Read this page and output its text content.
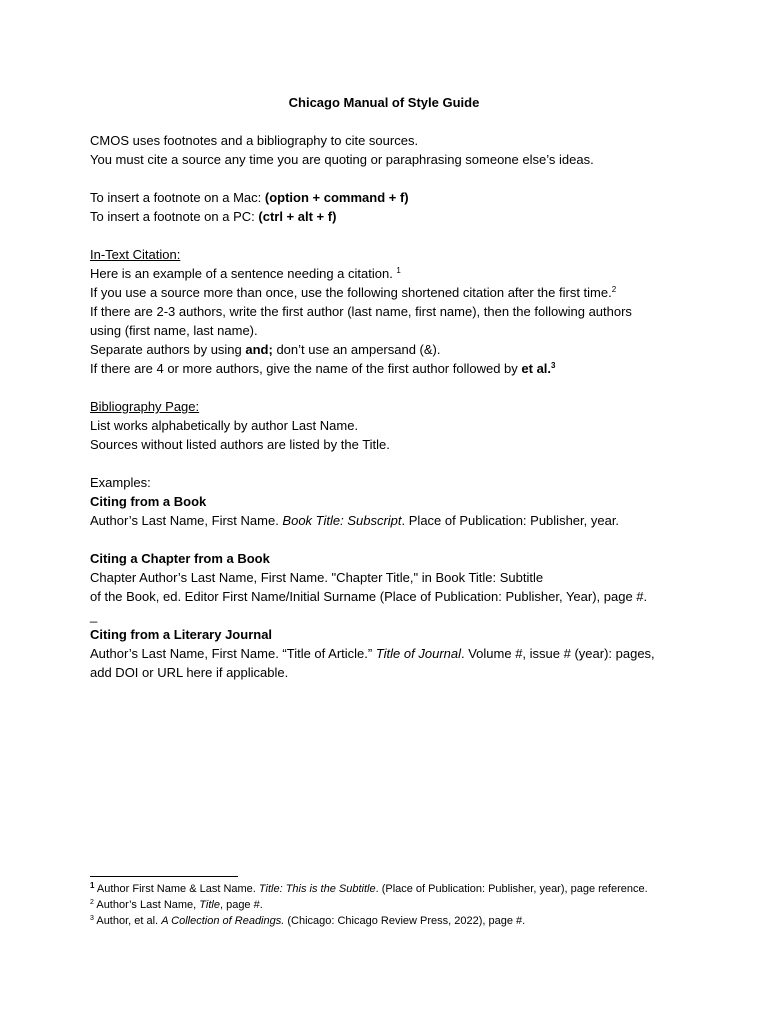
Chicago Manual of Style Guide
CMOS uses footnotes and a bibliography to cite sources.
You must cite a source any time you are quoting or paraphrasing someone else’s ideas.
To insert a footnote on a Mac: (option + command + f)
To insert a footnote on a PC: (ctrl + alt + f)
In-Text Citation:
Here is an example of a sentence needing a citation. $^1$
If you use a source more than once, use the following shortened citation after the first time.$^2$
If there are 2-3 authors, write the first author (last name, first name), then the following authors using (first name, last name).
Separate authors by using and; don’t use an ampersand (&).
If there are 4 or more authors, give the name of the first author followed by et al.$^3$
Bibliography Page:
List works alphabetically by author Last Name.
Sources without listed authors are listed by the Title.
Examples:
Citing from a Book
Author’s Last Name, First Name. Book Title: Subscript. Place of Publication: Publisher, year.
Citing a Chapter from a Book
Chapter Author’s Last Name, First Name. "Chapter Title," in Book Title: Subtitle
of the Book, ed. Editor First Name/Initial Surname (Place of Publication: Publisher, Year), page #.
_
Citing from a Literary Journal
Author’s Last Name, First Name. “Title of Article.” Title of Journal. Volume #, issue # (year): pages, add DOI or URL here if applicable.
$^1$ Author First Name & Last Name. Title: This is the Subtitle. (Place of Publication: Publisher, year), page reference.
$^2$ Author’s Last Name, Title, page #.
$^3$ Author, et al. A Collection of Readings. (Chicago: Chicago Review Press, 2022), page #.
